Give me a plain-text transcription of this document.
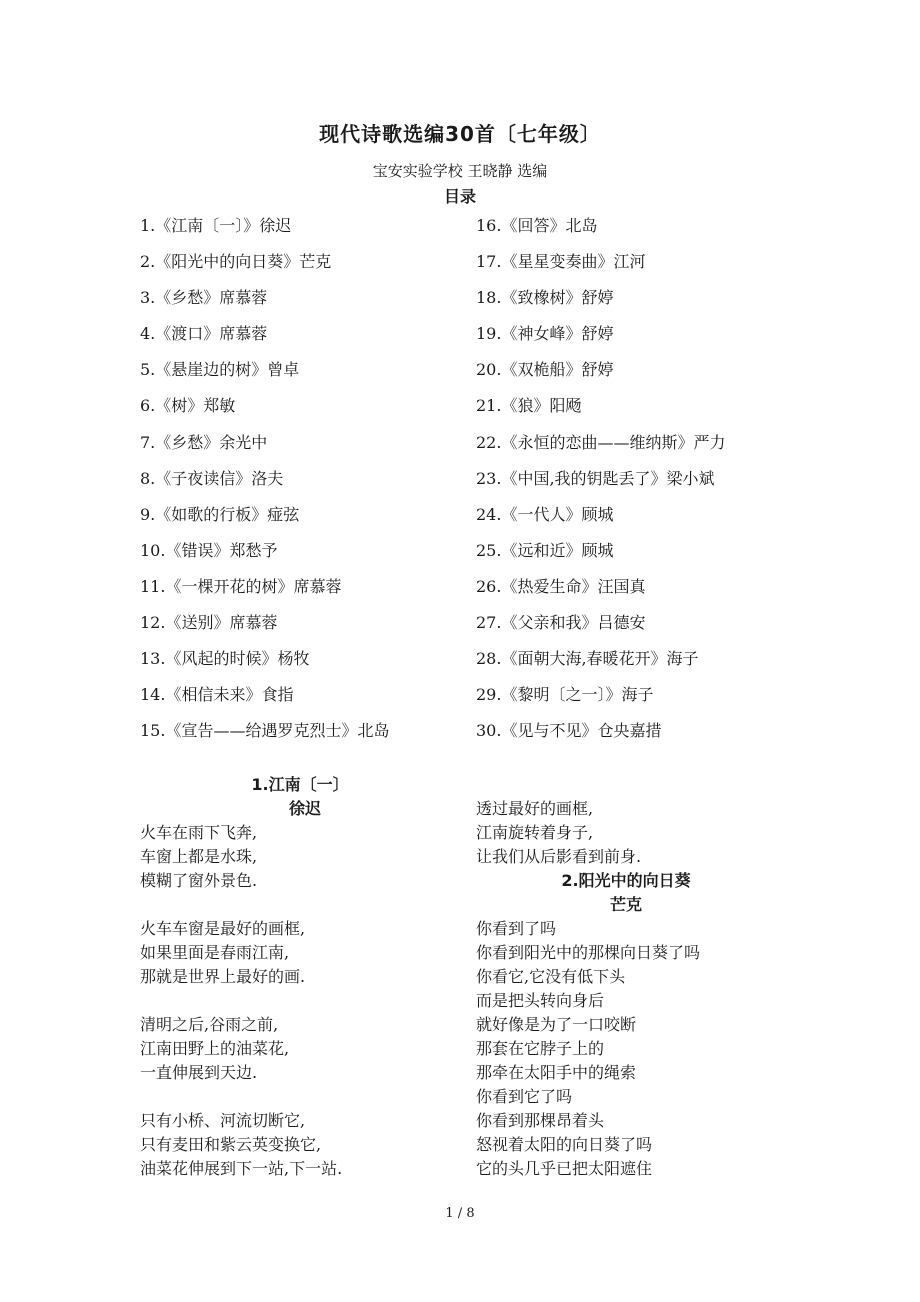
现代诗歌选编30首〔七年级〕
宝安实验学校 王晓静 选编
目录
1.《江南〔一〕》徐迟
2.《阳光中的向日葵》芒克
3.《乡愁》席慕蓉
4.《渡口》席慕蓉
5.《悬崖边的树》曾卓
6.《树》郑敏
7.《乡愁》余光中
8.《子夜读信》洛夫
9.《如歌的行板》痖弦
10.《错误》郑愁予
11.《一棵开花的树》席慕蓉
12.《送别》席慕蓉
13.《风起的时候》杨牧
14.《相信未来》食指
15.《宣告——给遇罗克烈士》北岛
16.《回答》北岛
17.《星星变奏曲》江河
18.《致橡树》舒婷
19.《神女峰》舒婷
20.《双桅船》舒婷
21.《狼》阳飏
22.《永恒的恋曲——维纳斯》严力
23.《中国,我的钥匙丢了》梁小斌
24.《一代人》顾城
25.《远和近》顾城
26.《热爱生命》汪国真
27.《父亲和我》吕德安
28.《面朝大海,春暖花开》海子
29.《黎明〔之一〕》海子
30.《见与不见》仓央嘉措
1.江南〔一〕
徐迟
火车在雨下飞奔,
车窗上都是水珠,
模糊了窗外景色.
火车车窗是最好的画框,
如果里面是春雨江南,
那就是世界上最好的画.
清明之后,谷雨之前,
江南田野上的油菜花,
一直伸展到天边.
只有小桥、河流切断它,
只有麦田和紫云英变换它,
油菜花伸展到下一站,下一站.
透过最好的画框,
江南旋转着身子,
让我们从后影看到前身.
2.阳光中的向日葵
芒克
你看到了吗
你看到阳光中的那棵向日葵了吗
你看它,它没有低下头
而是把头转向身后
就好像是为了一口咬断
那套在它脖子上的
那牵在太阳手中的绳索
你看到它了吗
你看到那棵昂着头
怒视着太阳的向日葵了吗
它的头几乎已把太阳遮住
1 / 8
